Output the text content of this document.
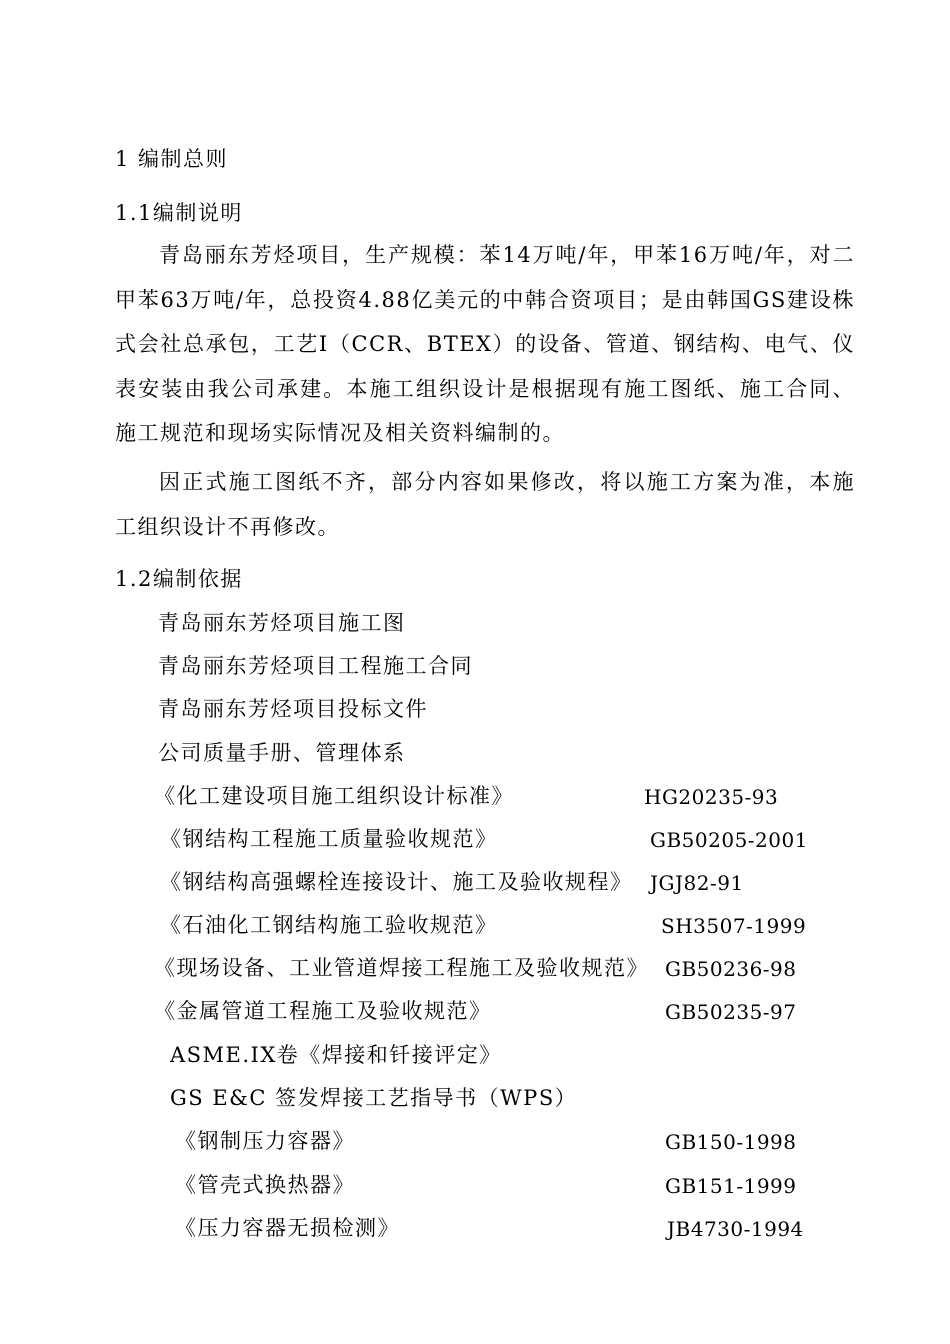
1 编制总则
1.1编制说明
青岛丽东芳烃项目，生产规模：苯14万吨/年，甲苯16万吨/年，对二甲苯63万吨/年，总投资4.88亿美元的中韩合资项目；是由韩国GS建设株式会社总承包，工艺Ⅰ（CCR、BTEX）的设备、管道、钢结构、电气、仪表安装由我公司承建。本施工组织设计是根据现有施工图纸、施工合同、施工规范和现场实际情况及相关资料编制的。
因正式施工图纸不齐，部分内容如果修改，将以施工方案为准，本施工组织设计不再修改。
1.2编制依据
青岛丽东芳烃项目施工图
青岛丽东芳烃项目工程施工合同
青岛丽东芳烃项目投标文件
公司质量手册、管理体系
《化工建设项目施工组织设计标准》	HG20235-93
《钢结构工程施工质量验收规范》	GB50205-2001
《钢结构高强螺栓连接设计、施工及验收规程》 JGJ82-91
《石油化工钢结构施工验收规范》	SH3507-1999
《现场设备、工业管道焊接工程施工及验收规范》 GB50236-98
《金属管道工程施工及验收规范》	GB50235-97
ASME.IX卷《焊接和钎接评定》
GS E&C 签发焊接工艺指导书（WPS）
《钢制压力容器》	GB150-1998
《管壳式换热器》	GB151-1999
《压力容器无损检测》	JB4730-1994
